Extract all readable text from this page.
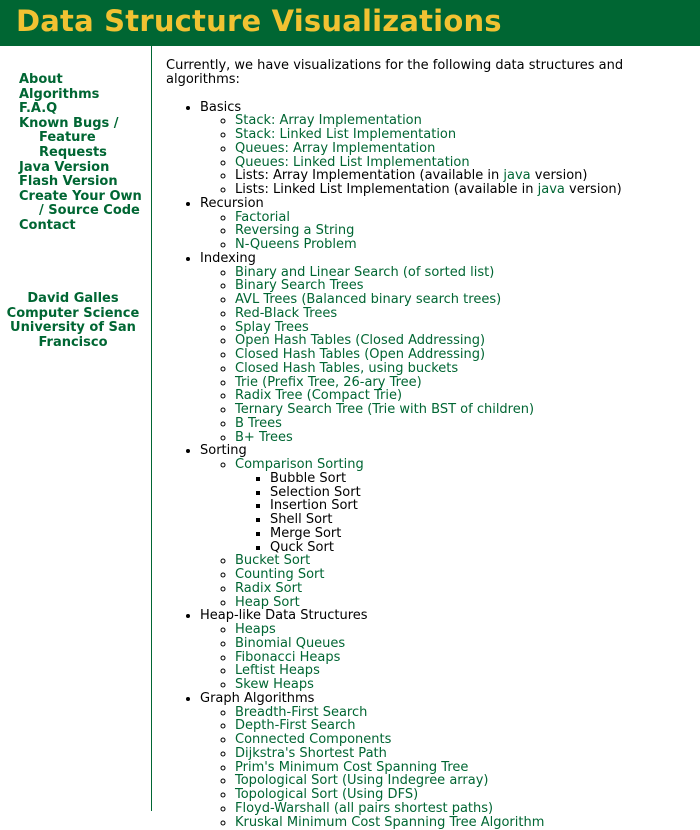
Data Structure Visualizations
About
Algorithms
F.A.Q
Known Bugs / Feature Requests
Java Version
Flash Version
Create Your Own / Source Code
Contact
David Galles
Computer Science
University of San Francisco

Currently, we have visualizations for the following data structures and algorithms:

• Basics
◦ Stack: Array Implementation
◦ Stack: Linked List Implementation
◦ Queues: Array Implementation
◦ Queues: Linked List Implementation
◦ Lists: Array Implementation (available in java version)
◦ Lists: Linked List Implementation (available in java version)
• Recursion
◦ Factorial
◦ Reversing a String
◦ N-Queens Problem
• Indexing
◦ Binary and Linear Search (of sorted list)
◦ Binary Search Trees
◦ AVL Trees (Balanced binary search trees)
◦ Red-Black Trees
◦ Splay Trees
◦ Open Hash Tables (Closed Addressing)
◦ Closed Hash Tables (Open Addressing)
◦ Closed Hash Tables, using buckets
◦ Trie (Prefix Tree, 26-ary Tree)
◦ Radix Tree (Compact Trie)
◦ Ternary Search Tree (Trie with BST of children)
◦ B Trees
◦ B+ Trees
• Sorting
◦ Comparison Sorting
▪ Bubble Sort
▪ Selection Sort
▪ Insertion Sort
▪ Shell Sort
▪ Merge Sort
▪ Quck Sort
◦ Bucket Sort
◦ Counting Sort
◦ Radix Sort
◦ Heap Sort
• Heap-like Data Structures
◦ Heaps
◦ Binomial Queues
◦ Fibonacci Heaps
◦ Leftist Heaps
◦ Skew Heaps
• Graph Algorithms
◦ Breadth-First Search
◦ Depth-First Search
◦ Connected Components
◦ Dijkstra's Shortest Path
◦ Prim's Minimum Cost Spanning Tree
◦ Topological Sort (Using Indegree array)
◦ Topological Sort (Using DFS)
◦ Floyd-Warshall (all pairs shortest paths)
◦ Kruskal Minimum Cost Spanning Tree Algorithm
